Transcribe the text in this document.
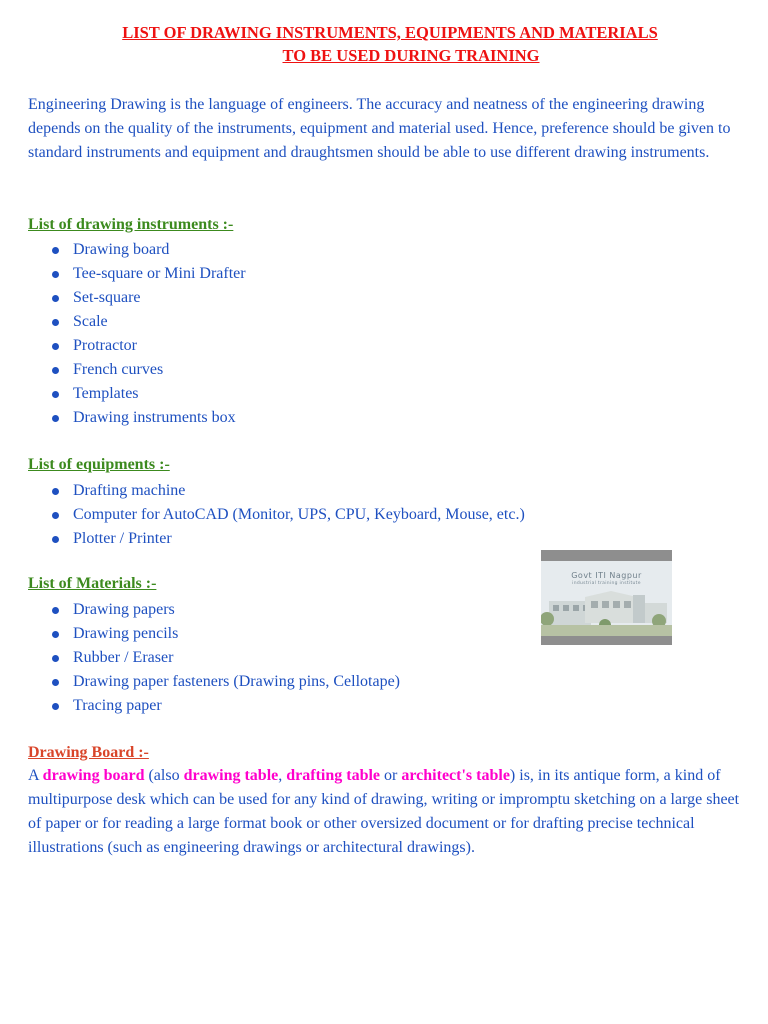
LIST OF DRAWING INSTRUMENTS, EQUIPMENTS AND MATERIALS
TO BE USED DURING TRAINING

Engineering Drawing is the language of engineers. The accuracy and neatness of the engineering drawing depends on the quality of the instruments, equipment and material used. Hence, preference should be given to standard instruments and equipment and draughtsmen should be able to use different drawing instruments.

List of drawing instruments :-
Drawing board
Tee-square or Mini Drafter
Set-square
Scale
Protractor
French curves
Templates
Drawing instruments box
List of equipments :-
Drafting machine
Computer for AutoCAD (Monitor, UPS, CPU, Keyboard, Mouse, etc.)
Plotter / Printer
Govt ITI Nagpur
industrial training institute
List of Materials :-
Drawing papers
Drawing pencils
Rubber / Eraser
Drawing paper fasteners (Drawing pins, Cellotape)
Tracing paper
Drawing Board :-

A drawing board (also drawing table, drafting table or architect's table) is, in its antique form, a kind of multipurpose desk which can be used for any kind of drawing, writing or impromptu sketching on a large sheet of paper or for reading a large format book or other oversized document or for drafting precise technical illustrations (such as engineering drawings or architectural drawings).
